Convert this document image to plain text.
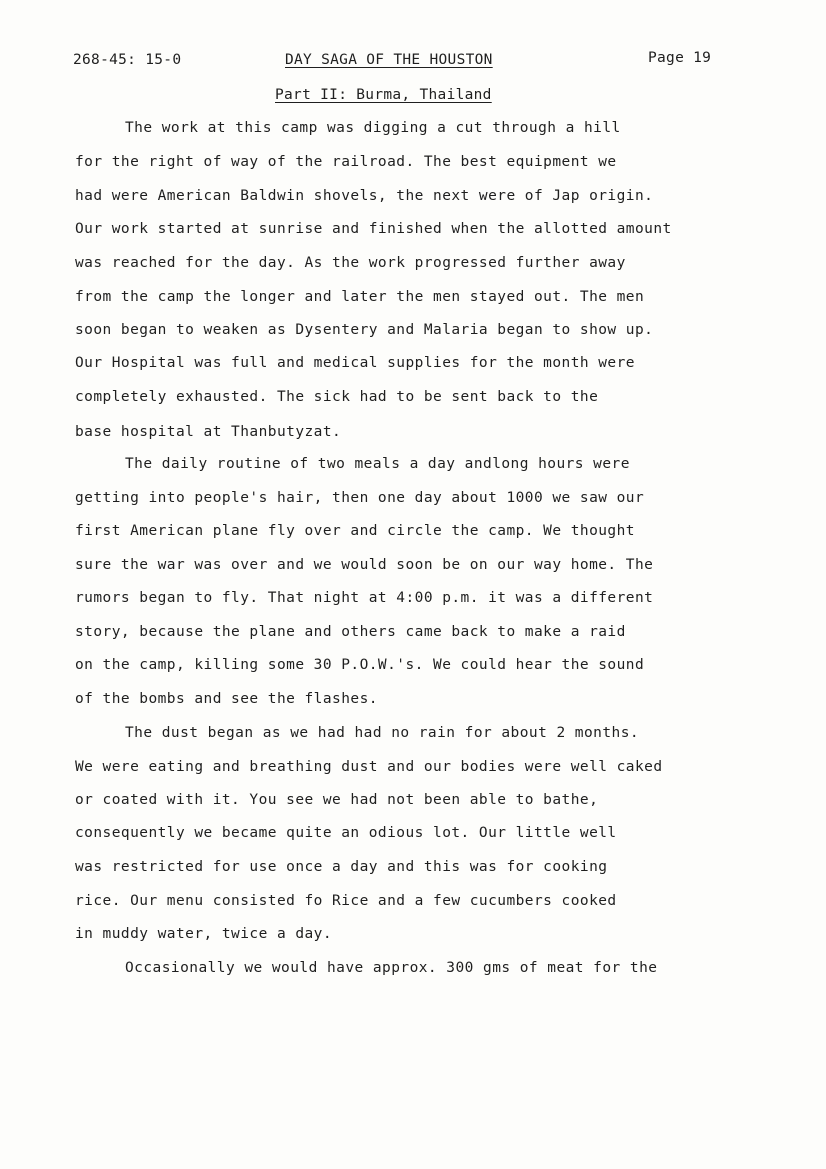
268-45: 15-0	DAY SAGA OF THE HOUSTON	Page 19
Part II: Burma, Thailand
The work at this camp was digging a cut through a hill
for the right of way of the railroad. The best equipment we
had were American Baldwin shovels, the next were of Jap origin.
Our work started at sunrise and finished when the allotted amount
was reached for the day. As the work progressed further away
from the camp the longer and later the men stayed out. The men
soon began to weaken as Dysentery and Malaria began to show up.
Our Hospital was full and medical supplies for the month were
completely exhausted. The sick had to be sent back to the
base hospital at Thanbutyzat.
The daily routine of two meals a day andlong hours were
getting into people's hair, then one day about 1000 we saw our
first American plane fly over and circle the camp. We thought
sure the war was over and we would soon be on our way home. The
rumors began to fly. That night at 4:00 p.m. it was a different
story, because the plane and others came back to make a raid
on the camp, killing some 30 P.O.W.'s. We could hear the sound
of the bombs and see the flashes.
The dust began as we had had no rain for about 2 months.
We were eating and breathing dust and our bodies were well caked
or coated with it. You see we had not been able to bathe,
consequently we became quite an odious lot. Our little well
was restricted for use once a day and this was for cooking
rice. Our menu consisted fo Rice and a few cucumbers cooked
in muddy water, twice a day.
Occasionally we would have approx. 300 gms of meat for the
